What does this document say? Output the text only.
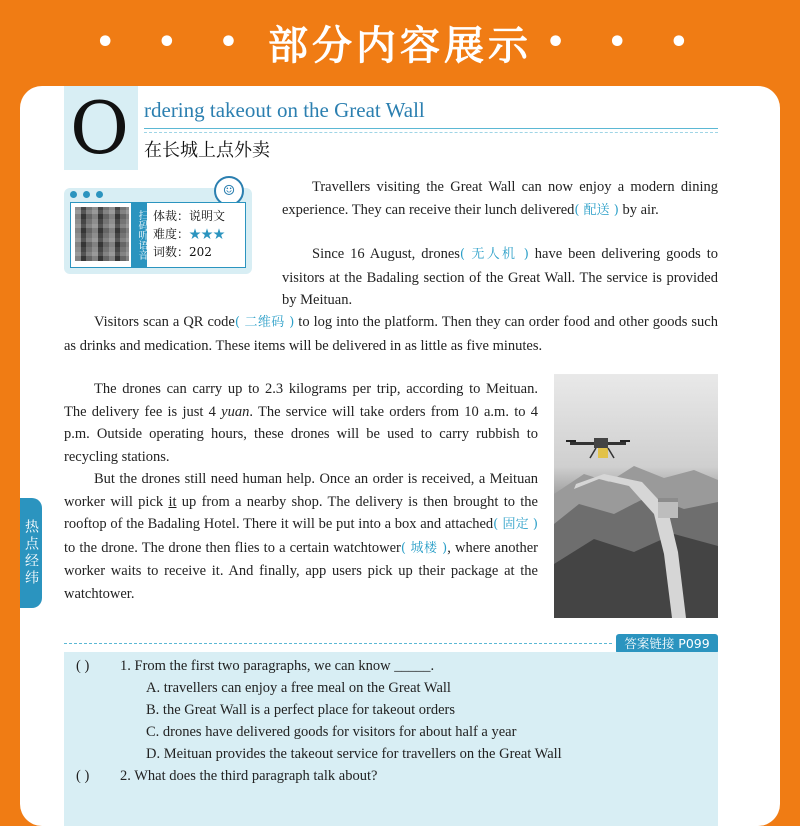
• • • 部分内容展示 • • •
O rdering takeout on the Great Wall
在长城上点外卖
☺
扫码听语音 体裁：说明文
难度：★★★
词数：202
Travellers visiting the Great Wall can now enjoy a modern dining experience. They can receive their lunch delivered( 配送 ) by air.
Since 16 August, drones( 无人机 ) have been delivering goods to visitors at the Badaling section of the Great Wall. The service is provided by Meituan.
Visitors scan a QR code( 二维码 ) to log into the platform. Then they can order food and other goods such as drinks and medication. These items will be delivered in as little as five minutes.
The drones can carry up to 2.3 kilograms per trip, according to Meituan. The delivery fee is just 4 yuan. The service will take orders from 10 a.m. to 4 p.m. Outside operating hours, these drones will be used to carry rubbish to recycling stations.
But the drones still need human help. Once an order is received, a Meituan worker will pick it up from a nearby shop. The delivery is then brought to the rooftop of the Badaling Hotel. There it will be put into a box and attached( 固定 ) to the drone. The drone then flies to a certain watchtower( 城楼 ), where another worker waits to receive it. And finally, app users pick up their package at the watchtower.
热点经纬
答案链接 P099
( ) 1. From the first two paragraphs, we can know _____.
A. travellers can enjoy a free meal on the Great Wall
B. the Great Wall is a perfect place for takeout orders
C. drones have delivered goods for visitors for about half a year
D. Meituan provides the takeout service for travellers on the Great Wall
( ) 2. What does the third paragraph talk about?
